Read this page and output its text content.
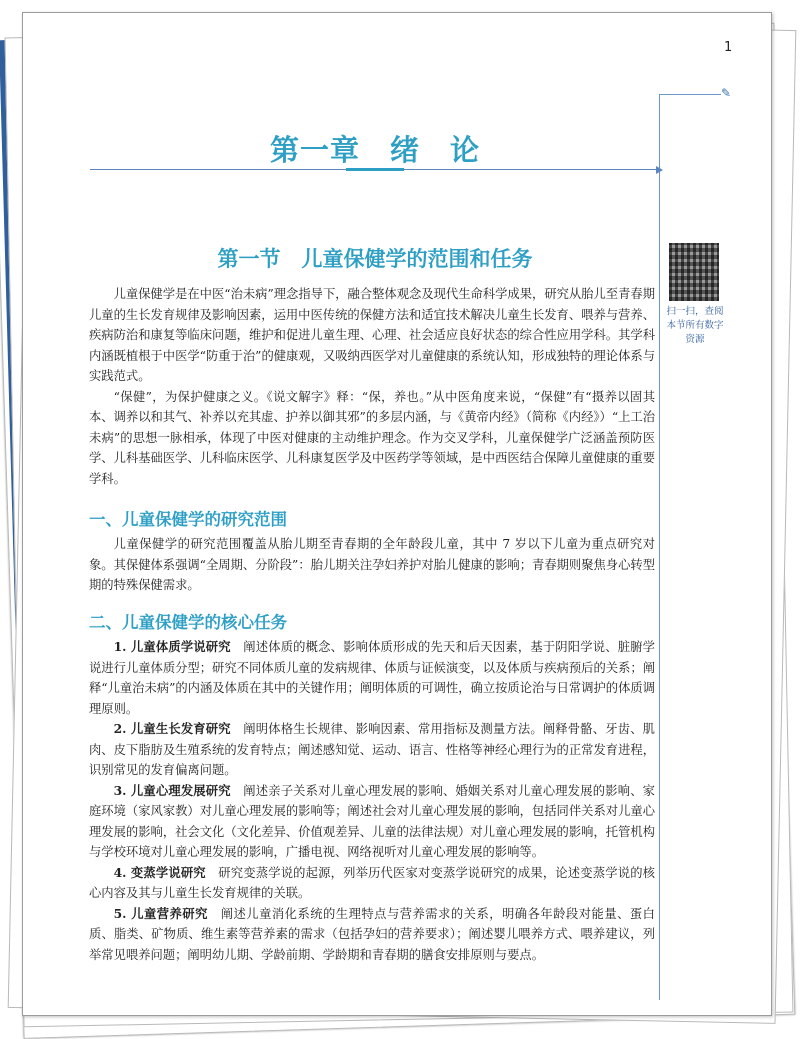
1
✎
第一章　绪　论
第一节　儿童保健学的范围和任务
扫一扫，查阅本节所有数字资源

儿童保健学是在中医“治未病”理念指导下，融合整体观念及现代生命科学成果，研究从胎儿至青春期儿童的生长发育规律及影响因素，运用中医传统的保健方法和适宜技术解决儿童生长发育、喂养与营养、疾病防治和康复等临床问题，维护和促进儿童生理、心理、社会适应良好状态的综合性应用学科。其学科内涵既植根于中医学“防重于治”的健康观，又吸纳西医学对儿童健康的系统认知，形成独特的理论体系与实践范式。

“保健”，为保护健康之义。《说文解字》释：“保，养也。”从中医角度来说，“保健”有“摄养以固其本、调养以和其气、补养以充其虚、护养以御其邪”的多层内涵，与《黄帝内经》（简称《内经》）“上工治未病”的思想一脉相承，体现了中医对健康的主动维护理念。作为交叉学科，儿童保健学广泛涵盖预防医学、儿科基础医学、儿科临床医学、儿科康复医学及中医药学等领域，是中西医结合保障儿童健康的重要学科。

一、儿童保健学的研究范围

儿童保健学的研究范围覆盖从胎儿期至青春期的全年龄段儿童，其中 7 岁以下儿童为重点研究对象。其保健体系强调“全周期、分阶段”：胎儿期关注孕妇养护对胎儿健康的影响；青春期则聚焦身心转型期的特殊保健需求。

二、儿童保健学的核心任务

1. 儿童体质学说研究　 阐述体质的概念、影响体质形成的先天和后天因素，基于阴阳学说、脏腑学说进行儿童体质分型；研究不同体质儿童的发病规律、体质与证候演变，以及体质与疾病预后的关系；阐释“儿童治未病”的内涵及体质在其中的关键作用；阐明体质的可调性，确立按质论治与日常调护的体质调理原则。

2. 儿童生长发育研究　 阐明体格生长规律、影响因素、常用指标及测量方法。阐释骨骼、牙齿、肌肉、皮下脂肪及生殖系统的发育特点；阐述感知觉、运动、语言、性格等神经心理行为的正常发育进程，识别常见的发育偏离问题。

3. 儿童心理发展研究　 阐述亲子关系对儿童心理发展的影响、婚姻关系对儿童心理发展的影响、家庭环境（家风家教）对儿童心理发展的影响等；阐述社会对儿童心理发展的影响，包括同伴关系对儿童心理发展的影响，社会文化（文化差异、价值观差异、儿童的法律法规）对儿童心理发展的影响，托管机构与学校环境对儿童心理发展的影响，广播电视、网络视听对儿童心理发展的影响等。

4. 变蒸学说研究　 研究变蒸学说的起源，列举历代医家对变蒸学说研究的成果，论述变蒸学说的核心内容及其与儿童生长发育规律的关联。

5. 儿童营养研究　 阐述儿童消化系统的生理特点与营养需求的关系，明确各年龄段对能量、蛋白质、脂类、矿物质、维生素等营养素的需求（包括孕妇的营养要求）；阐述婴儿喂养方式、喂养建议，列举常见喂养问题；阐明幼儿期、学龄前期、学龄期和青春期的膳食安排原则与要点。
